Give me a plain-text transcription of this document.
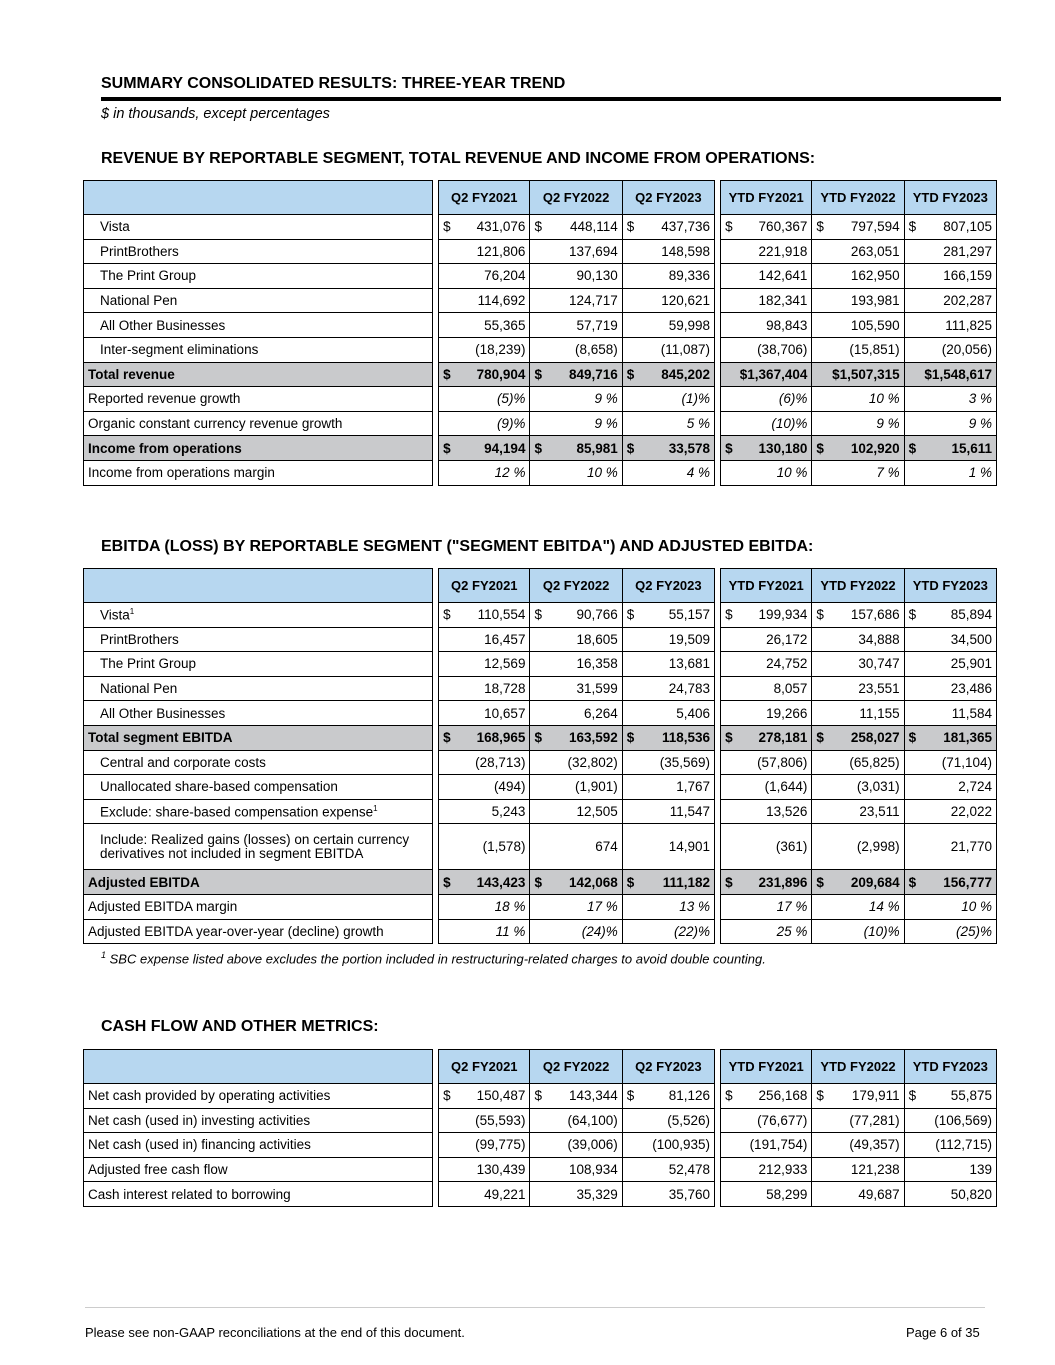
SUMMARY CONSOLIDATED RESULTS: THREE-YEAR TREND
$ in thousands, except percentages
REVENUE BY REPORTABLE SEGMENT, TOTAL REVENUE AND INCOME FROM OPERATIONS:
		Q2 FY2021	Q2 FY2022	Q2 FY2023		YTD FY2021	YTD FY2022	YTD FY2023
Vista		$ 431,076	$ 448,114	$ 437,736		$ 760,367	$ 797,594	$ 807,105
PrintBrothers		121,806	137,694	148,598		221,918	263,051	281,297
The Print Group		76,204	90,130	89,336		142,641	162,950	166,159
National Pen		114,692	124,717	120,621		182,341	193,981	202,287
All Other Businesses		55,365	57,719	59,998		98,843	105,590	111,825
Inter-segment eliminations		(18,239)	(8,658)	(11,087)		(38,706)	(15,851)	(20,056)
Total revenue		$ 780,904	$ 849,716	$ 845,202		$1,367,404	$1,507,315	$1,548,617
Reported revenue growth		(5)%	9 %	(1)%		(6)%	10 %	3 %
Organic constant currency revenue growth		(9)%	9 %	5 %		(10)%	9 %	9 %
Income from operations		$ 94,194	$ 85,981	$ 33,578		$ 130,180	$ 102,920	$ 15,611
Income from operations margin		12 %	10 %	4 %		10 %	7 %	1 %
EBITDA (LOSS) BY REPORTABLE SEGMENT ("SEGMENT EBITDA") AND ADJUSTED EBITDA:
		Q2 FY2021	Q2 FY2022	Q2 FY2023		YTD FY2021	YTD FY2022	YTD FY2023
Vista$^1$		$ 110,554	$ 90,766	$ 55,157		$ 199,934	$ 157,686	$ 85,894
PrintBrothers		16,457	18,605	19,509		26,172	34,888	34,500
The Print Group		12,569	16,358	13,681		24,752	30,747	25,901
National Pen		18,728	31,599	24,783		8,057	23,551	23,486
All Other Businesses		10,657	6,264	5,406		19,266	11,155	11,584
Total segment EBITDA		$ 168,965	$ 163,592	$ 118,536		$ 278,181	$ 258,027	$ 181,365
Central and corporate costs		(28,713)	(32,802)	(35,569)		(57,806)	(65,825)	(71,104)
Unallocated share-based compensation		(494)	(1,901)	1,767		(1,644)	(3,031)	2,724
Exclude: share-based compensation expense$^1$		5,243	12,505	11,547		13,526	23,511	22,022
Include: Realized gains (losses) on certain currency derivatives not included in segment EBITDA		(1,578)	674	14,901		(361)	(2,998)	21,770
Adjusted EBITDA		$ 143,423	$ 142,068	$ 111,182		$ 231,896	$ 209,684	$ 156,777
Adjusted EBITDA margin		18 %	17 %	13 %		17 %	14 %	10 %
Adjusted EBITDA year-over-year (decline) growth		11 %	(24)%	(22)%		25 %	(10)%	(25)%
$^1$ SBC expense listed above excludes the portion included in restructuring-related charges to avoid double counting.
CASH FLOW AND OTHER METRICS:
		Q2 FY2021	Q2 FY2022	Q2 FY2023		YTD FY2021	YTD FY2022	YTD FY2023
Net cash provided by operating activities		$ 150,487	$ 143,344	$ 81,126		$ 256,168	$ 179,911	$ 55,875
Net cash (used in) investing activities		(55,593)	(64,100)	(5,526)		(76,677)	(77,281)	(106,569)
Net cash (used in) financing activities		(99,775)	(39,006)	(100,935)		(191,754)	(49,357)	(112,715)
Adjusted free cash flow		130,439	108,934	52,478		212,933	121,238	139
Cash interest related to borrowing		49,221	35,329	35,760		58,299	49,687	50,820
Please see non-GAAP reconciliations at the end of this document.	Page 6 of 35
